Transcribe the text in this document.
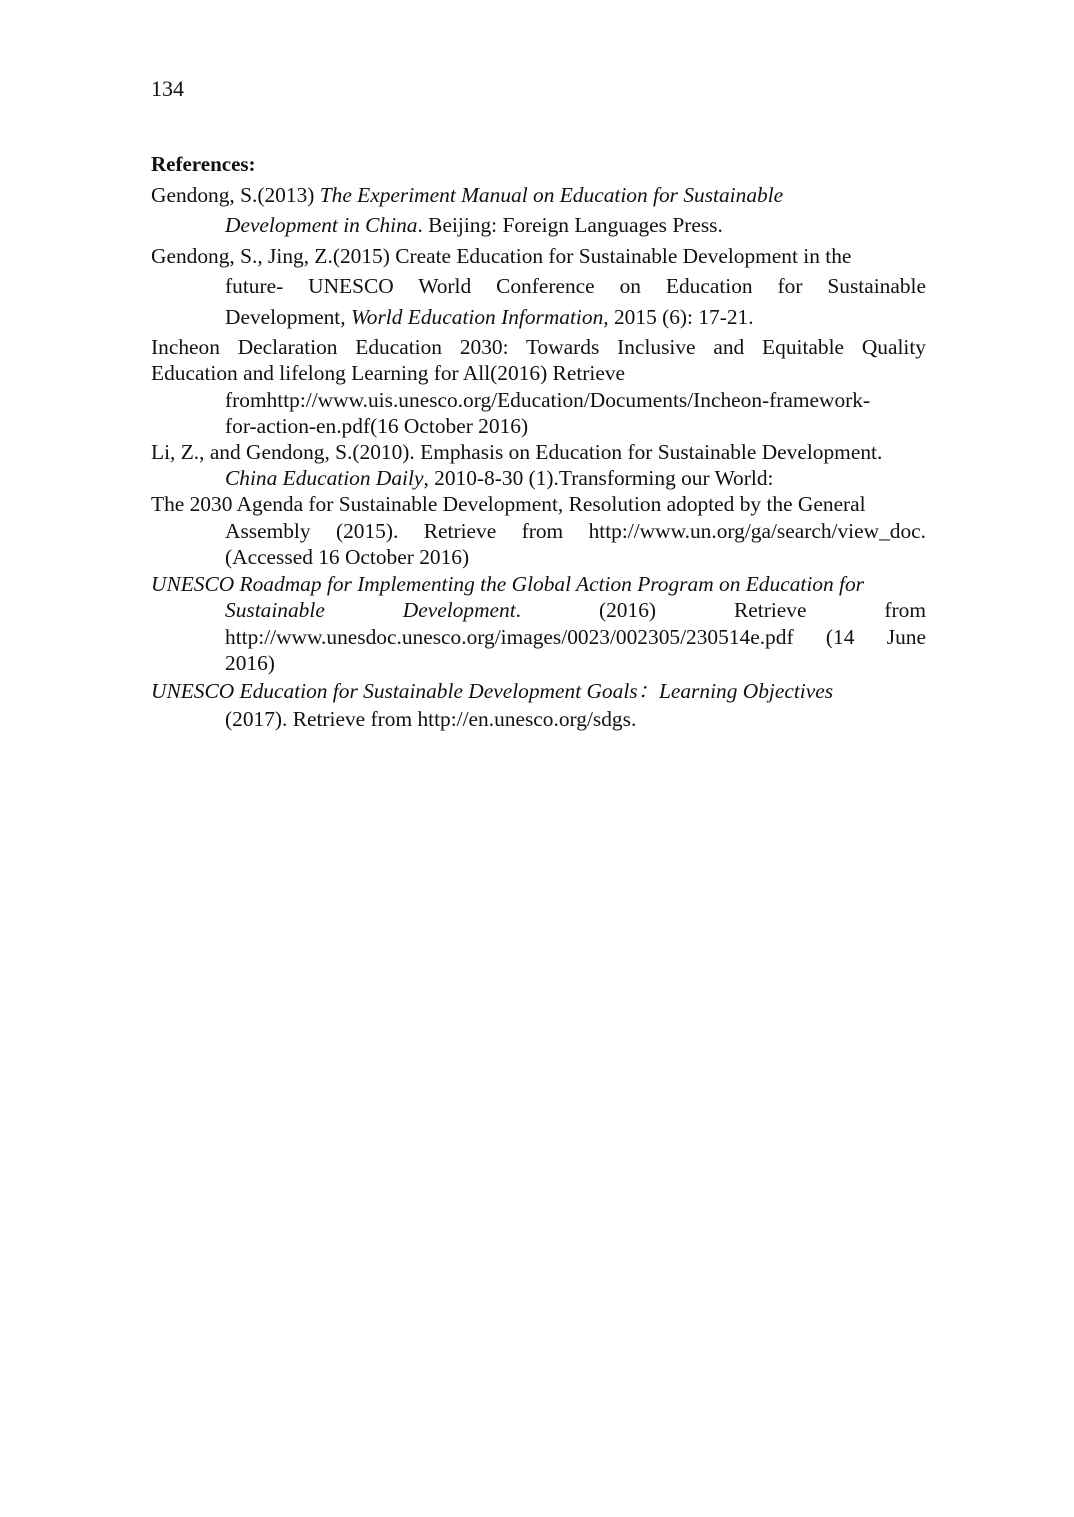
134
References:
Gendong, S.(2013) The Experiment Manual on Education for Sustainable
Development in China. Beijing: Foreign Languages Press.
Gendong, S., Jing, Z.(2015) Create Education for Sustainable Development in the
future- UNESCO World Conference on Education for Sustainable
Development, World Education Information, 2015 (6): 17-21.
Incheon Declaration Education 2030: Towards Inclusive and Equitable Quality
Education and lifelong Learning for All(2016) Retrieve
fromhttp://www.uis.unesco.org/Education/Documents/Incheon-framework-
for-action-en.pdf(16 October 2016)
Li, Z., and Gendong, S.(2010). Emphasis on Education for Sustainable Development.
China Education Daily, 2010-8-30 (1).Transforming our World:
The 2030 Agenda for Sustainable Development, Resolution adopted by the General
Assembly (2015). Retrieve from http://www.un.org/ga/search/view_doc.
(Accessed 16 October 2016)
UNESCO Roadmap for Implementing the Global Action Program on Education for
Sustainable Development. (2016) Retrieve from
http://www.unesdoc.unesco.org/images/0023/002305/230514e.pdf (14 June
2016)
UNESCO Education for Sustainable Development Goals：Learning Objectives
(2017). Retrieve from http://en.unesco.org/sdgs.
